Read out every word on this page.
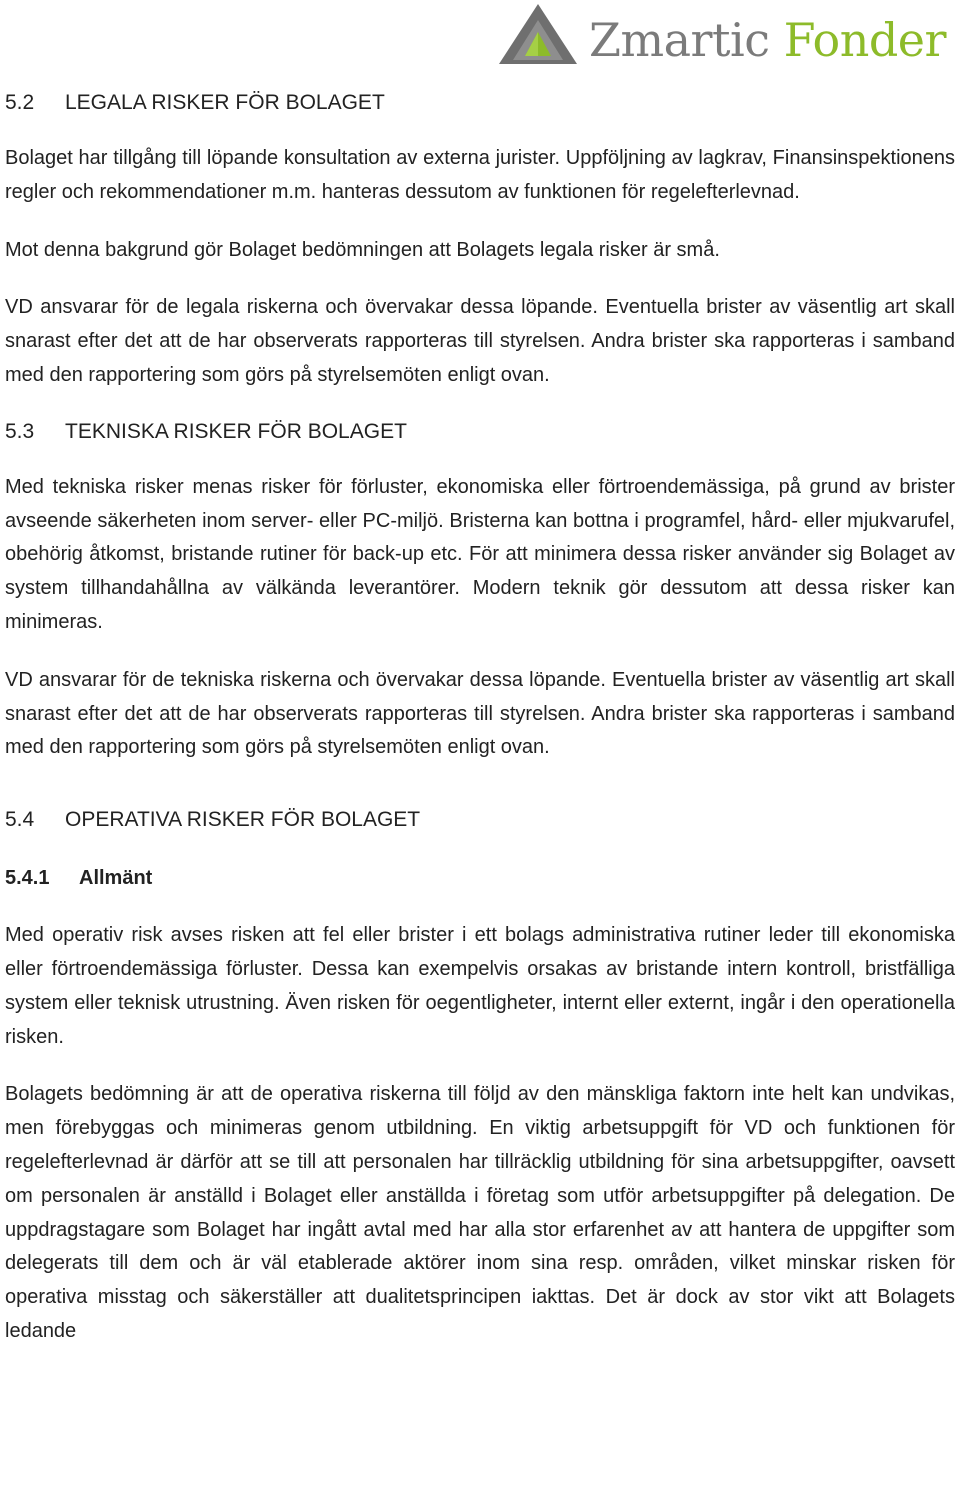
Zmartic Fonder
5.2	LEGALA RISKER FÖR BOLAGET

Bolaget har tillgång till löpande konsultation av externa jurister. Uppföljning av lagkrav, Finansinspektionens regler och rekommendationer m.m. hanteras dessutom av funktionen för regelefterlevnad.

Mot denna bakgrund gör Bolaget bedömningen att Bolagets legala risker är små.

VD ansvarar för de legala riskerna och övervakar dessa löpande. Eventuella brister av väsentlig art skall snarast efter det att de har observerats rapporteras till styrelsen. Andra brister ska rapporteras i samband med den rapportering som görs på styrelsemöten enligt ovan.

5.3	TEKNISKA RISKER FÖR BOLAGET

Med tekniska risker menas risker för förluster, ekonomiska eller förtroendemässiga, på grund av brister avseende säkerheten inom server- eller PC-miljö. Bristerna kan bottna i programfel, hård- eller mjukvarufel, obehörig åtkomst, bristande rutiner för back-up etc. För att minimera dessa risker använder sig Bolaget av system tillhandahållna av välkända leverantörer. Modern teknik gör dessutom att dessa risker kan minimeras.

VD ansvarar för de tekniska riskerna och övervakar dessa löpande. Eventuella brister av väsentlig art skall snarast efter det att de har observerats rapporteras till styrelsen. Andra brister ska rapporteras i samband med den rapportering som görs på styrelsemöten enligt ovan.

5.4	OPERATIVA RISKER FÖR BOLAGET
5.4.1	Allmänt

Med operativ risk avses risken att fel eller brister i ett bolags administrativa rutiner leder till ekonomiska eller förtroendemässiga förluster. Dessa kan exempelvis orsakas av bristande intern kontroll, bristfälliga system eller teknisk utrustning. Även risken för oegentligheter, internt eller externt, ingår i den operationella risken.

Bolagets bedömning är att de operativa riskerna till följd av den mänskliga faktorn inte helt kan undvikas, men förebyggas och minimeras genom utbildning. En viktig arbetsuppgift för VD och funktionen för regelefterlevnad är därför att se till att personalen har tillräcklig utbildning för sina arbetsuppgifter, oavsett om personalen är anställd i Bolaget eller anställda i företag som utför arbetsuppgifter på delegation. De uppdragstagare som Bolaget har ingått avtal med har alla stor erfarenhet av att hantera de uppgifter som delegerats till dem och är väl etablerade aktörer inom sina resp. områden, vilket minskar risken för operativa misstag och säkerställer att dualitetsprincipen iakttas. Det är dock av stor vikt att Bolagets ledande
